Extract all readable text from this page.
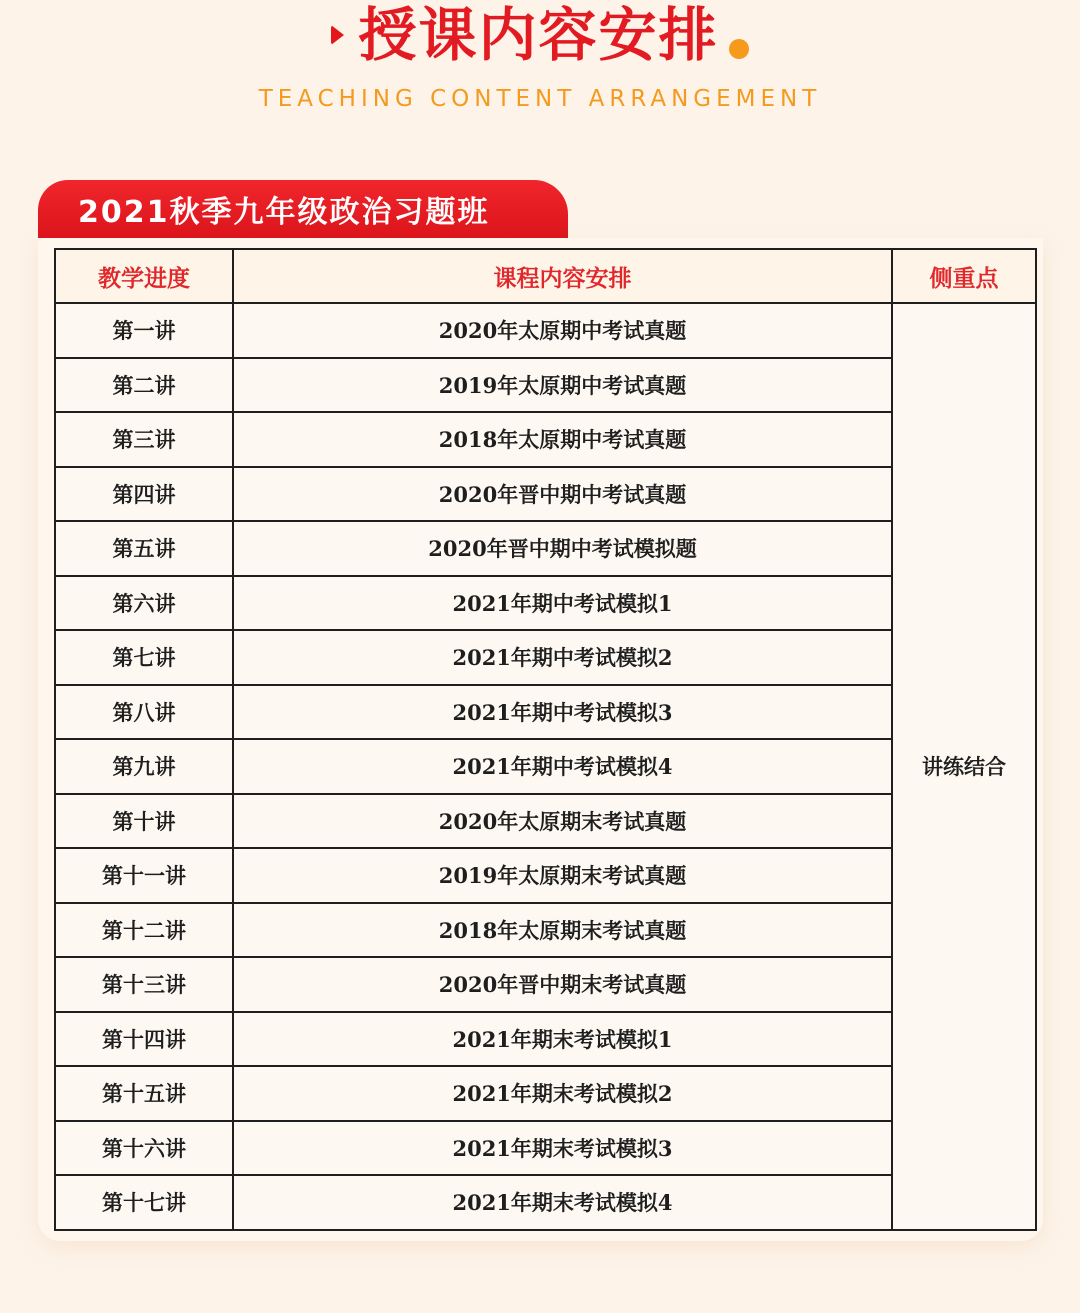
授课内容安排
TEACHING CONTENT ARRANGEMENT
2021秋季九年级政治习题班
教学进度	课程内容安排	侧重点
第一讲	2020年太原期中考试真题	讲练结合
第二讲	2019年太原期中考试真题	
第三讲	2018年太原期中考试真题	
第四讲	2020年晋中期中考试真题	
第五讲	2020年晋中期中考试模拟题	
第六讲	2021年期中考试模拟1	
第七讲	2021年期中考试模拟2	
第八讲	2021年期中考试模拟3	
第九讲	2021年期中考试模拟4	
第十讲	2020年太原期末考试真题	
第十一讲	2019年太原期末考试真题	
第十二讲	2018年太原期末考试真题	
第十三讲	2020年晋中期末考试真题	
第十四讲	2021年期末考试模拟1	
第十五讲	2021年期末考试模拟2	
第十六讲	2021年期末考试模拟3	
第十七讲	2021年期末考试模拟4	
